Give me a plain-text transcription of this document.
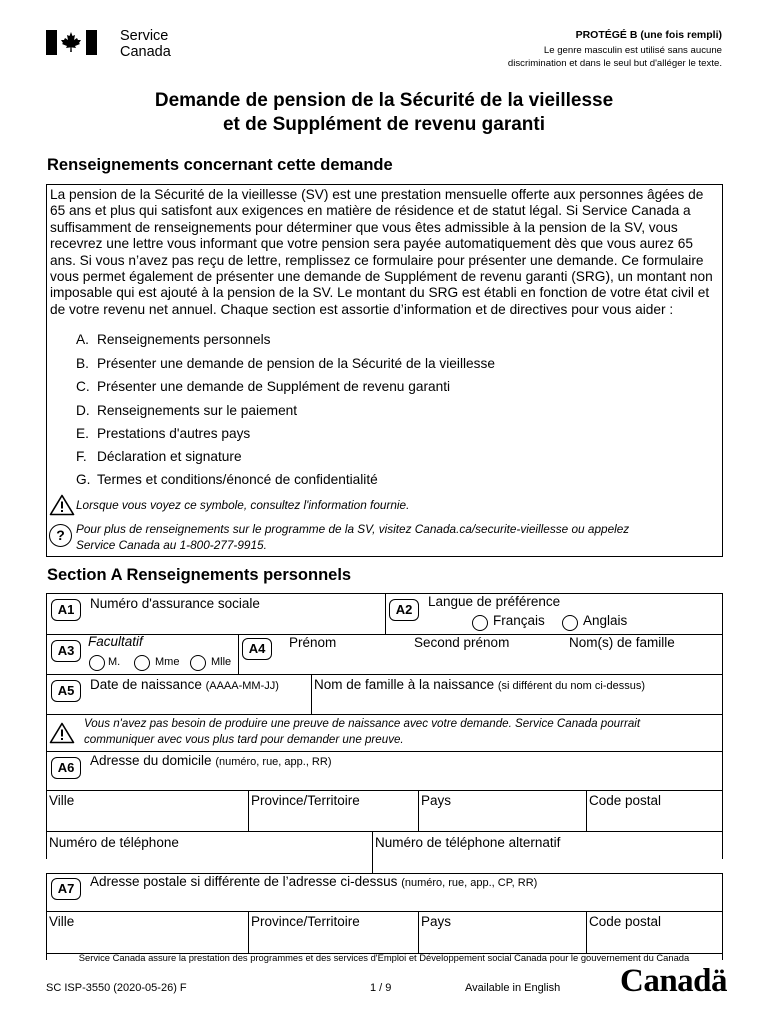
Service
Canada
PROTÉGÉ B (une fois rempli)
Le genre masculin est utilisé sans aucune
discrimination et dans le seul but d'alléger le texte.
Demande de pension de la Sécurité de la vieillesse
et de Supplément de revenu garanti
Renseignements concernant cette demande
La pension de la Sécurité de la vieillesse (SV) est une prestation mensuelle offerte aux personnes âgées de 65 ans et plus qui satisfont aux exigences en matière de résidence et de statut légal. Si Service Canada a suffisamment de renseignements pour déterminer que vous êtes admissible à la pension de la SV, vous recevrez une lettre vous informant que votre pension sera payée automatiquement dès que vous aurez 65 ans. Si vous n’avez pas reçu de lettre, remplissez ce formulaire pour présenter une demande. Ce formulaire vous permet également de présenter une demande de Supplément de revenu garanti (SRG), un montant non imposable qui est ajouté à la pension de la SV. Le montant du SRG est établi en fonction de votre état civil et de votre revenu net annuel. Chaque section est assortie d’information et de directives pour vous aider :
A. Renseignements personnels
B. Présenter une demande de pension de la Sécurité de la vieillesse
C. Présenter une demande de Supplément de revenu garanti
D. Renseignements sur le paiement
E. Prestations d'autres pays
F. Déclaration et signature
G. Termes et conditions/énoncé de confidentialité
Lorsque vous voyez ce symbole, consultez l'information fournie.
? Pour plus de renseignements sur le programme de la SV, visitez Canada.ca/securite-vieillesse ou appelez
Service Canada au 1-800-277-9915.
Section A Renseignements personnels
A1	Numéro d'assurance sociale	A2
Langue de préférence
Français	Anglais
A3
Facultatif
M.	Mme	Mlle
A4	Prénom	Second prénom	Nom(s) de famille
A5	Date de naissance (AAAA-MM-JJ)	Nom de famille à la naissance (si différent du nom ci-dessus)
Vous n'avez pas besoin de produire une preuve de naissance avec votre demande. Service Canada pourrait
communiquer avec vous plus tard pour demander une preuve.
A6	Adresse du domicile (numéro, rue, app., RR)
Ville	Province/Territoire	Pays	Code postal
Numéro de téléphone	Numéro de téléphone alternatif
A7	Adresse postale si différente de l’adresse ci-dessus (numéro, rue, app., CP, RR)
Ville	Province/Territoire	Pays	Code postal
Service Canada assure la prestation des programmes et des services d'Emploi et Développement social Canada pour le gouvernement du Canada
SC ISP-3550 (2020-05-26) F	1 / 9	Available in English Canadä
